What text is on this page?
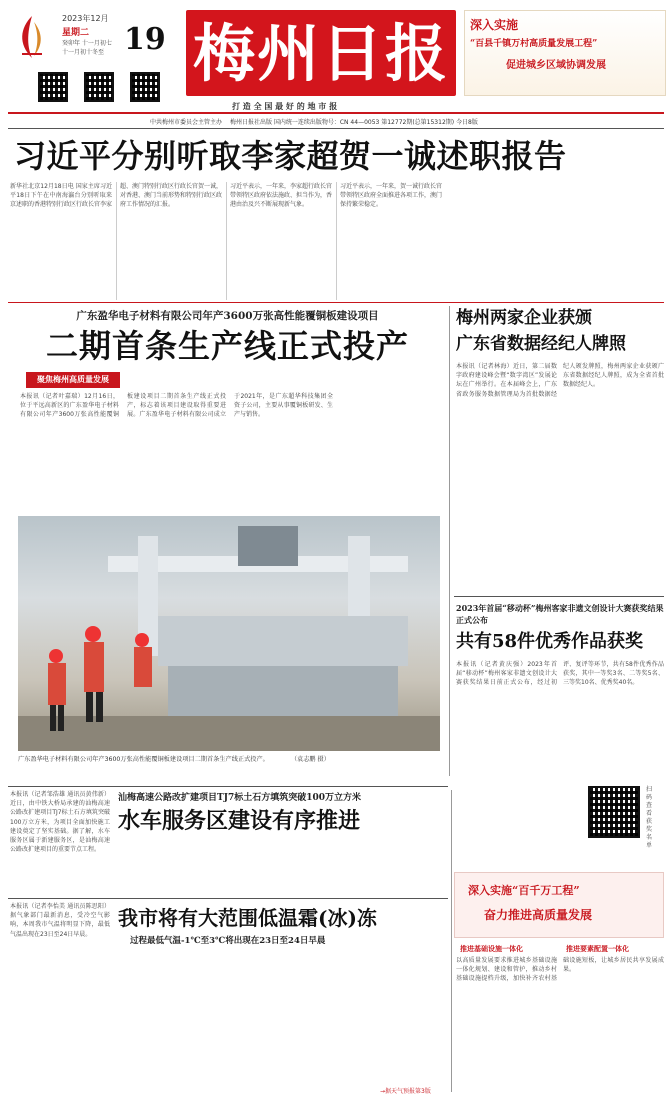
2023年12月
星期二
癸卯年 十一月初七
十一月初十冬至 19 梅州日报
打 造 全 国 最 好 的 地 市 报
深入实施
“百县千镇万村高质量发展工程”
促进城乡区域协调发展
中共梅州市委员会主管主办 梅州日报社出版 国内统一连续出版物号：CN 44—0053 第12772期(总第15312期) 今日8版
习近平分别听取李家超贺一诚述职报告

新华社北京12月18日电 国家主席习近平18日下午在中南海瀛台分别听取来京述职的香港特别行政区行政长官李家超、澳门特别行政区行政长官贺一诚，对香港、澳门当前形势和特别行政区政府工作情况的汇报。

习近平表示，一年来，李家超行政长官带领特区政府依法施政、担当作为，香港由治及兴不断展现新气象。

习近平表示，一年来，贺一诚行政长官带领特区政府全面推进各项工作，澳门保持繁荣稳定。

广东盈华电子材料有限公司年产3600万张高性能覆铜板建设项目
二期首条生产线正式投产
聚焦梅州高质量发展
本报讯（记者叶嘉瑞）12月16日，位于平远高新区的广东盈华电子材料有限公司年产3600万张高性能覆铜板建设项目二期首条生产线正式投产，标志着该项目建设取得重要进展。广东盈华电子材料有限公司成立于2021年，是广东超华科技集团全资子公司，主要从事覆铜板研发、生产与销售。
广东盈华电子材料有限公司年产3600万张高性能覆铜板建设项目二期首条生产线正式投产。	（袁志鹏 摄）
梅州两家企业获颁
广东省数据经纪人牌照
本报讯（记者林海）近日，第二届数字政府建设峰会暨“数字湾区”发展论坛在广州举行。在本届峰会上，广东省政务服务数据管理局为首批数据经纪人颁发牌照，梅州两家企业获颁广东省数据经纪人牌照，成为全省首批数据经纪人。
2023年首届“移动杯”梅州客家非遗文创设计大赛获奖结果正式公布
共有58件优秀作品获奖
本报讯（记者黄庆强）2023年首届“移动杯”梅州客家非遗文创设计大赛获奖结果日前正式公布，经过初评、复评等环节，共有58件优秀作品获奖，其中一等奖3名、二等奖5名、三等奖10名、优秀奖40名。
扫码查看获奖名单
本报讯（记者邹浩雄 通讯员黄伟新）近日，由中铁大桥局承建的汕梅高速公路改扩建项目TJ7标土石方填筑突破100万立方米，为项目全面加快施工建设奠定了坚实基础。据了解，水车服务区属于新建服务区，是汕梅高速公路改扩建项目的重要节点工程。
汕梅高速公路改扩建项目TJ7标土石方填筑突破100万立方米
水车服务区建设有序推进
深入实施“百千万工程”
奋力推进高质量发展
推进基础设施一体化	推进要素配置一体化
以高质量发展要求推进城乡基础设施一体化规划、建设和管护，推动乡村基础设施提档升级，加快补齐农村基础设施短板，让城乡居民共享发展成果。
本报讯（记者李怡美 通讯员陈思阳）据气象部门最新消息，受冷空气影响，本周我市气温将明显下降，最低气温出现在23日至24日早晨。
我市将有大范围低温霜(冰)冻
过程最低气温-1℃至3℃将出现在23日至24日早晨
→据天气预报第3版
